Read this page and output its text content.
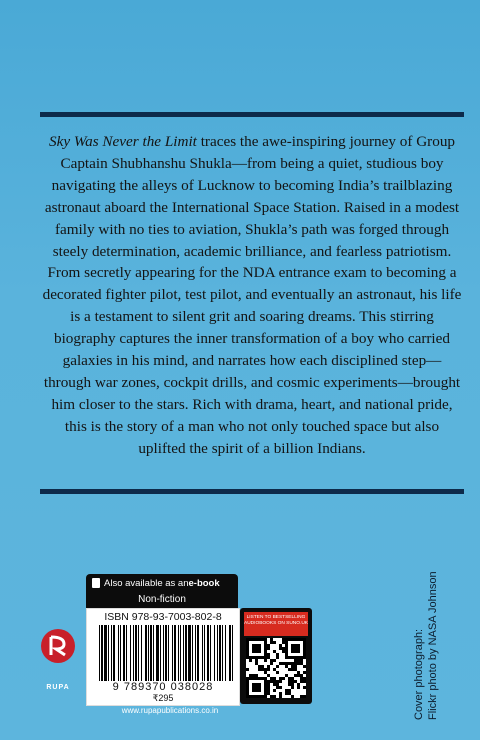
Sky Was Never the Limit traces the awe-inspiring journey of Group Captain Shubhanshu Shukla—from being a quiet, studious boy navigating the alleys of Lucknow to becoming India’s trailblazing astronaut aboard the International Space Station. Raised in a modest family with no ties to aviation, Shukla’s path was forged through steely determination, academic brilliance, and fearless patriotism. From secretly appearing for the NDA entrance exam to becoming a decorated fighter pilot, test pilot, and eventually an astronaut, his life is a testament to silent grit and soaring dreams. This stirring biography captures the inner transformation of a boy who carried galaxies in his mind, and narrates how each disciplined step—through war zones, cockpit drills, and cosmic experiments—brought him closer to the stars. Rich with drama, heart, and national pride, this is the story of a man who not only touched space but also uplifted the spirit of a billion Indians.
RUPA
Also available as an e-book
Non-fiction
ISBN 978-93-7003-802-8
9 789370 038028
₹295
LISTEN TO BESTSELLING AUDIOBOOKS ON SUNO.UK
www.rupapublications.co.in	Cover photograph: Flickr photo by NASA Johnson
